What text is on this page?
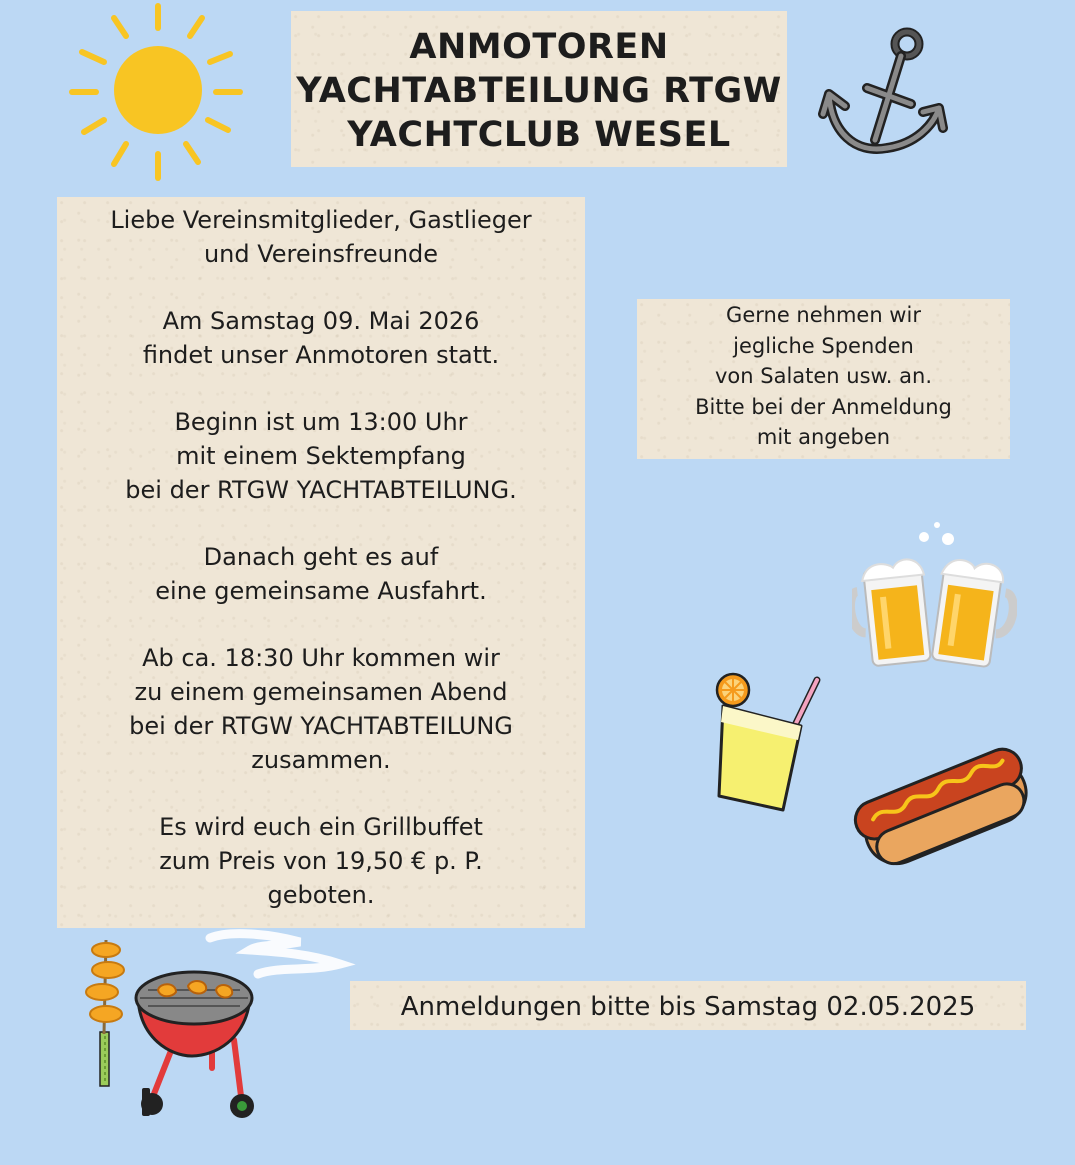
ANMOTOREN
YACHTABTEILUNG RTGW
YACHTCLUB WESEL
Liebe Vereinsmitglieder, Gastlieger
und Vereinsfreunde
Am Samstag 09. Mai 2026
findet unser Anmotoren statt.
Beginn ist um 13:00 Uhr
mit einem Sektempfang
bei der RTGW YACHTABTEILUNG.
Danach geht es auf
eine gemeinsame Ausfahrt.
Ab ca. 18:30 Uhr kommen wir
zu einem gemeinsamen Abend
bei der RTGW YACHTABTEILUNG
zusammen.
Es wird euch ein Grillbuffet
zum Preis von 19,50 € p. P.
geboten.
Gerne nehmen wir
jegliche Spenden
von Salaten usw. an.
Bitte bei der Anmeldung
mit angeben
Anmeldungen bitte bis Samstag 02.05.2025
